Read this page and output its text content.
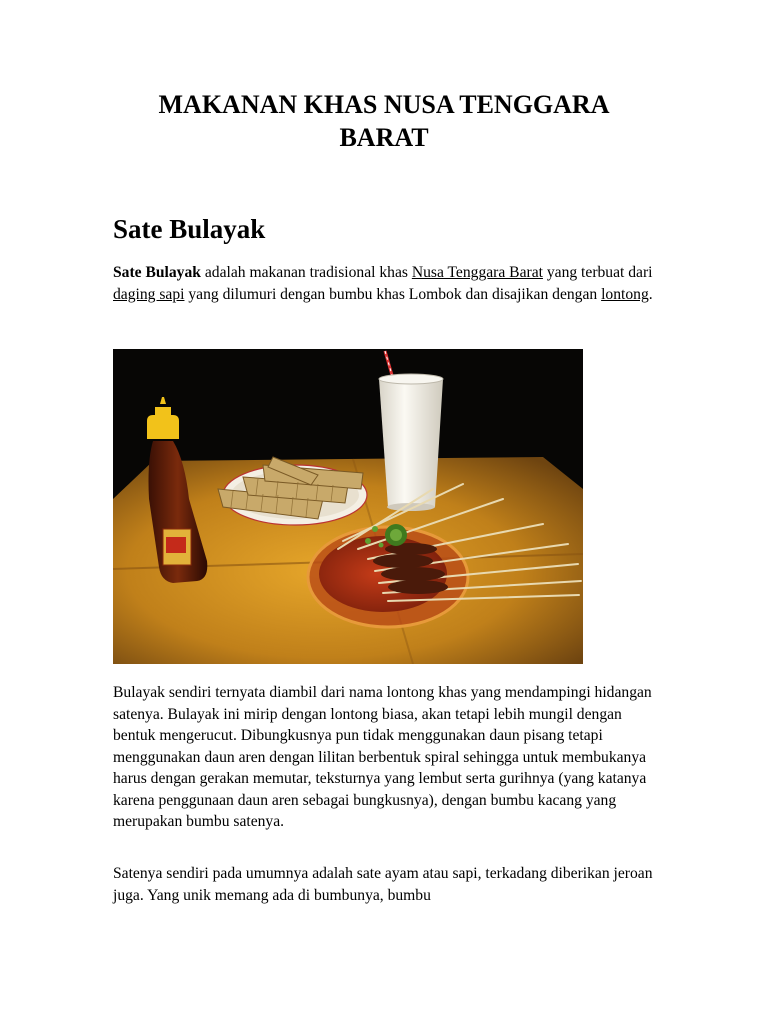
MAKANAN KHAS NUSA TENGGARA
BARAT
Sate Bulayak

Sate Bulayak adalah makanan tradisional khas Nusa Tenggara Barat yang terbuat dari daging sapi yang dilumuri dengan bumbu khas Lombok dan disajikan dengan lontong.

Bulayak sendiri ternyata diambil dari nama lontong khas yang mendampingi hidangan satenya. Bulayak ini mirip dengan lontong biasa, akan tetapi lebih mungil dengan bentuk mengerucut. Dibungkusnya pun tidak menggunakan daun pisang tetapi menggunakan daun aren dengan lilitan berbentuk spiral sehingga untuk membukanya harus dengan gerakan memutar, teksturnya yang lembut serta gurihnya (yang katanya karena penggunaan daun aren sebagai bungkusnya), dengan bumbu kacang yang merupakan bumbu satenya.

Satenya sendiri pada umumnya adalah sate ayam atau sapi, terkadang diberikan jeroan juga. Yang unik memang ada di bumbunya, bumbu
